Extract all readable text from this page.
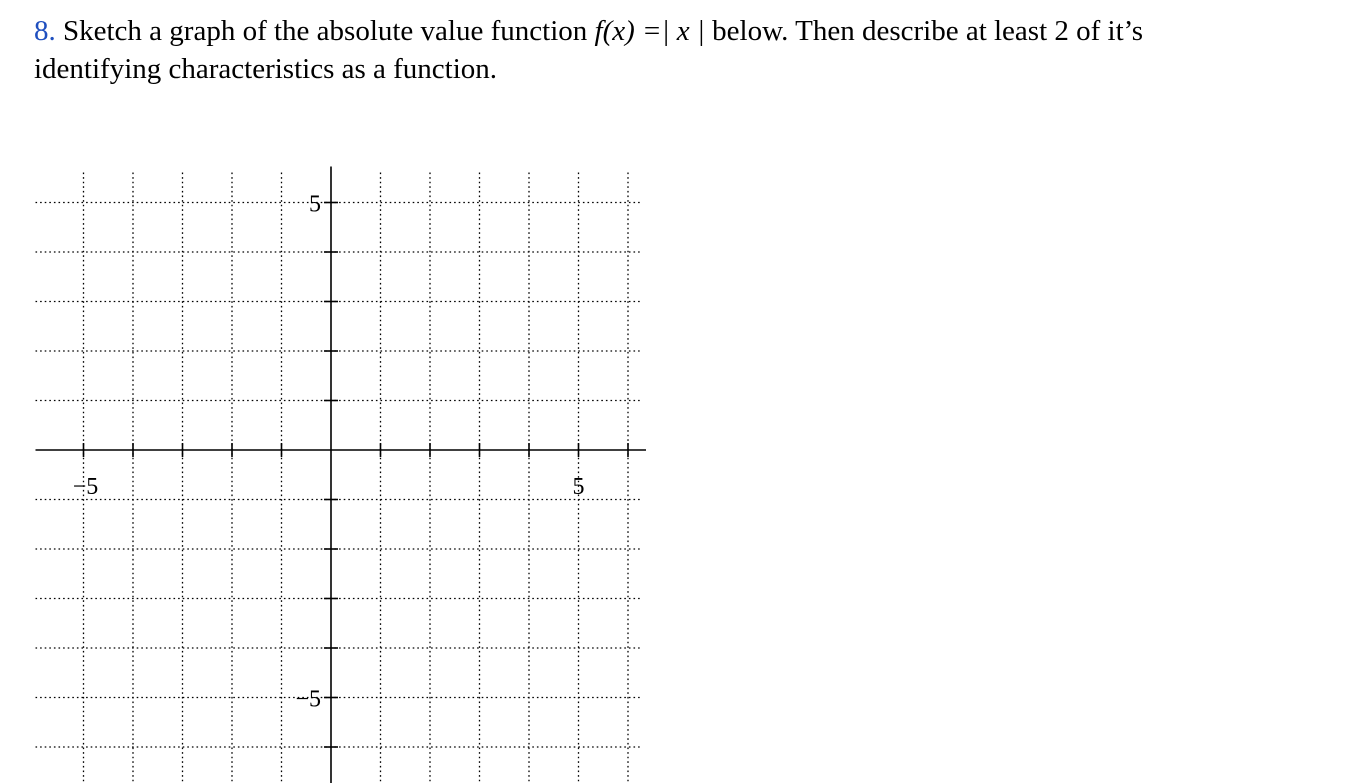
8. Sketch a graph of the absolute value function f(x) =| x | below. Then describe at least 2 of it’s
identifying characteristics as a function.
−5	5
5
−5
